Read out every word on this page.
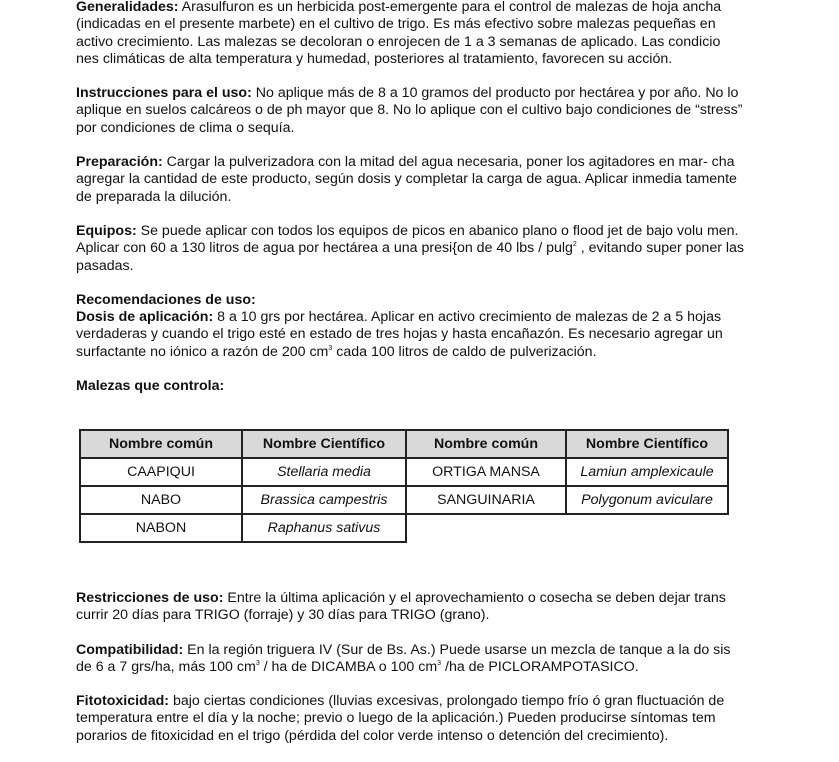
Generalidades: Arasulfuron es un herbicida post-emergente para el control de malezas de hoja ancha (indicadas en el presente marbete) en el cultivo de trigo. Es más efectivo sobre malezas pequeñas en activo crecimiento. Las malezas se decoloran o enrojecen de 1 a 3 semanas de aplicado. Las condicio nes climáticas de alta temperatura y humedad, posteriores al tratamiento, favorecen su acción.

Instrucciones para el uso: No aplique más de 8 a 10 gramos del producto por hectárea y por año. No lo aplique en suelos calcáreos o de ph mayor que 8. No lo aplique con el cultivo bajo condiciones de “stress” por condiciones de clima o sequía.

Preparación: Cargar la pulverizadora con la mitad del agua necesaria, poner los agitadores en mar- cha agregar la cantidad de este producto, según dosis y completar la carga de agua. Aplicar inmedia tamente de preparada la dilución.

Equipos: Se puede aplicar con todos los equipos de picos en abanico plano o flood jet de bajo volu men. Aplicar con 60 a 130 litros de agua por hectárea a una presi{on de 40 lbs / pulg$^2$ , evitando super poner las pasadas.

Recomendaciones de uso:

Dosis de aplicación: 8 a 10 grs por hectárea. Aplicar en activo crecimiento de malezas de 2 a 5 hojas verdaderas y cuando el trigo esté en estado de tres hojas y hasta encañazón. Es necesario agregar un surfactante no iónico a razón de 200 $cm^3$ cada 100 litros de caldo de pulverización.

Malezas que controla:

Nombre común	Nombre Científico	Nombre común	Nombre Científico
CAAPIQUI	Stellaria media	ORTIGA MANSA	Lamiun amplexicaule
NABO	Brassica campestris	SANGUINARIA	Polygonum aviculare
NABON	Raphanus sativus		

Restricciones de uso: Entre la última aplicación y el aprovechamiento o cosecha se deben dejar trans currir 20 días para TRIGO (forraje) y 30 días para TRIGO (grano).

Compatibilidad: En la región triguera IV (Sur de Bs. As.) Puede usarse un mezcla de tanque a la do sis de 6 a 7 grs/ha, más 100 $cm^3$ / ha de DICAMBA o 100 $cm^3$ /ha de PICLORAMPOTASICO.

Fitotoxicidad: bajo ciertas condiciones (lluvias excesivas, prolongado tiempo frío ó gran fluctuación de temperatura entre el día y la noche; previo o luego de la aplicación.) Pueden producirse síntomas tem porarios de fitoxicidad en el trigo (pérdida del color verde intenso o detención del crecimiento).
